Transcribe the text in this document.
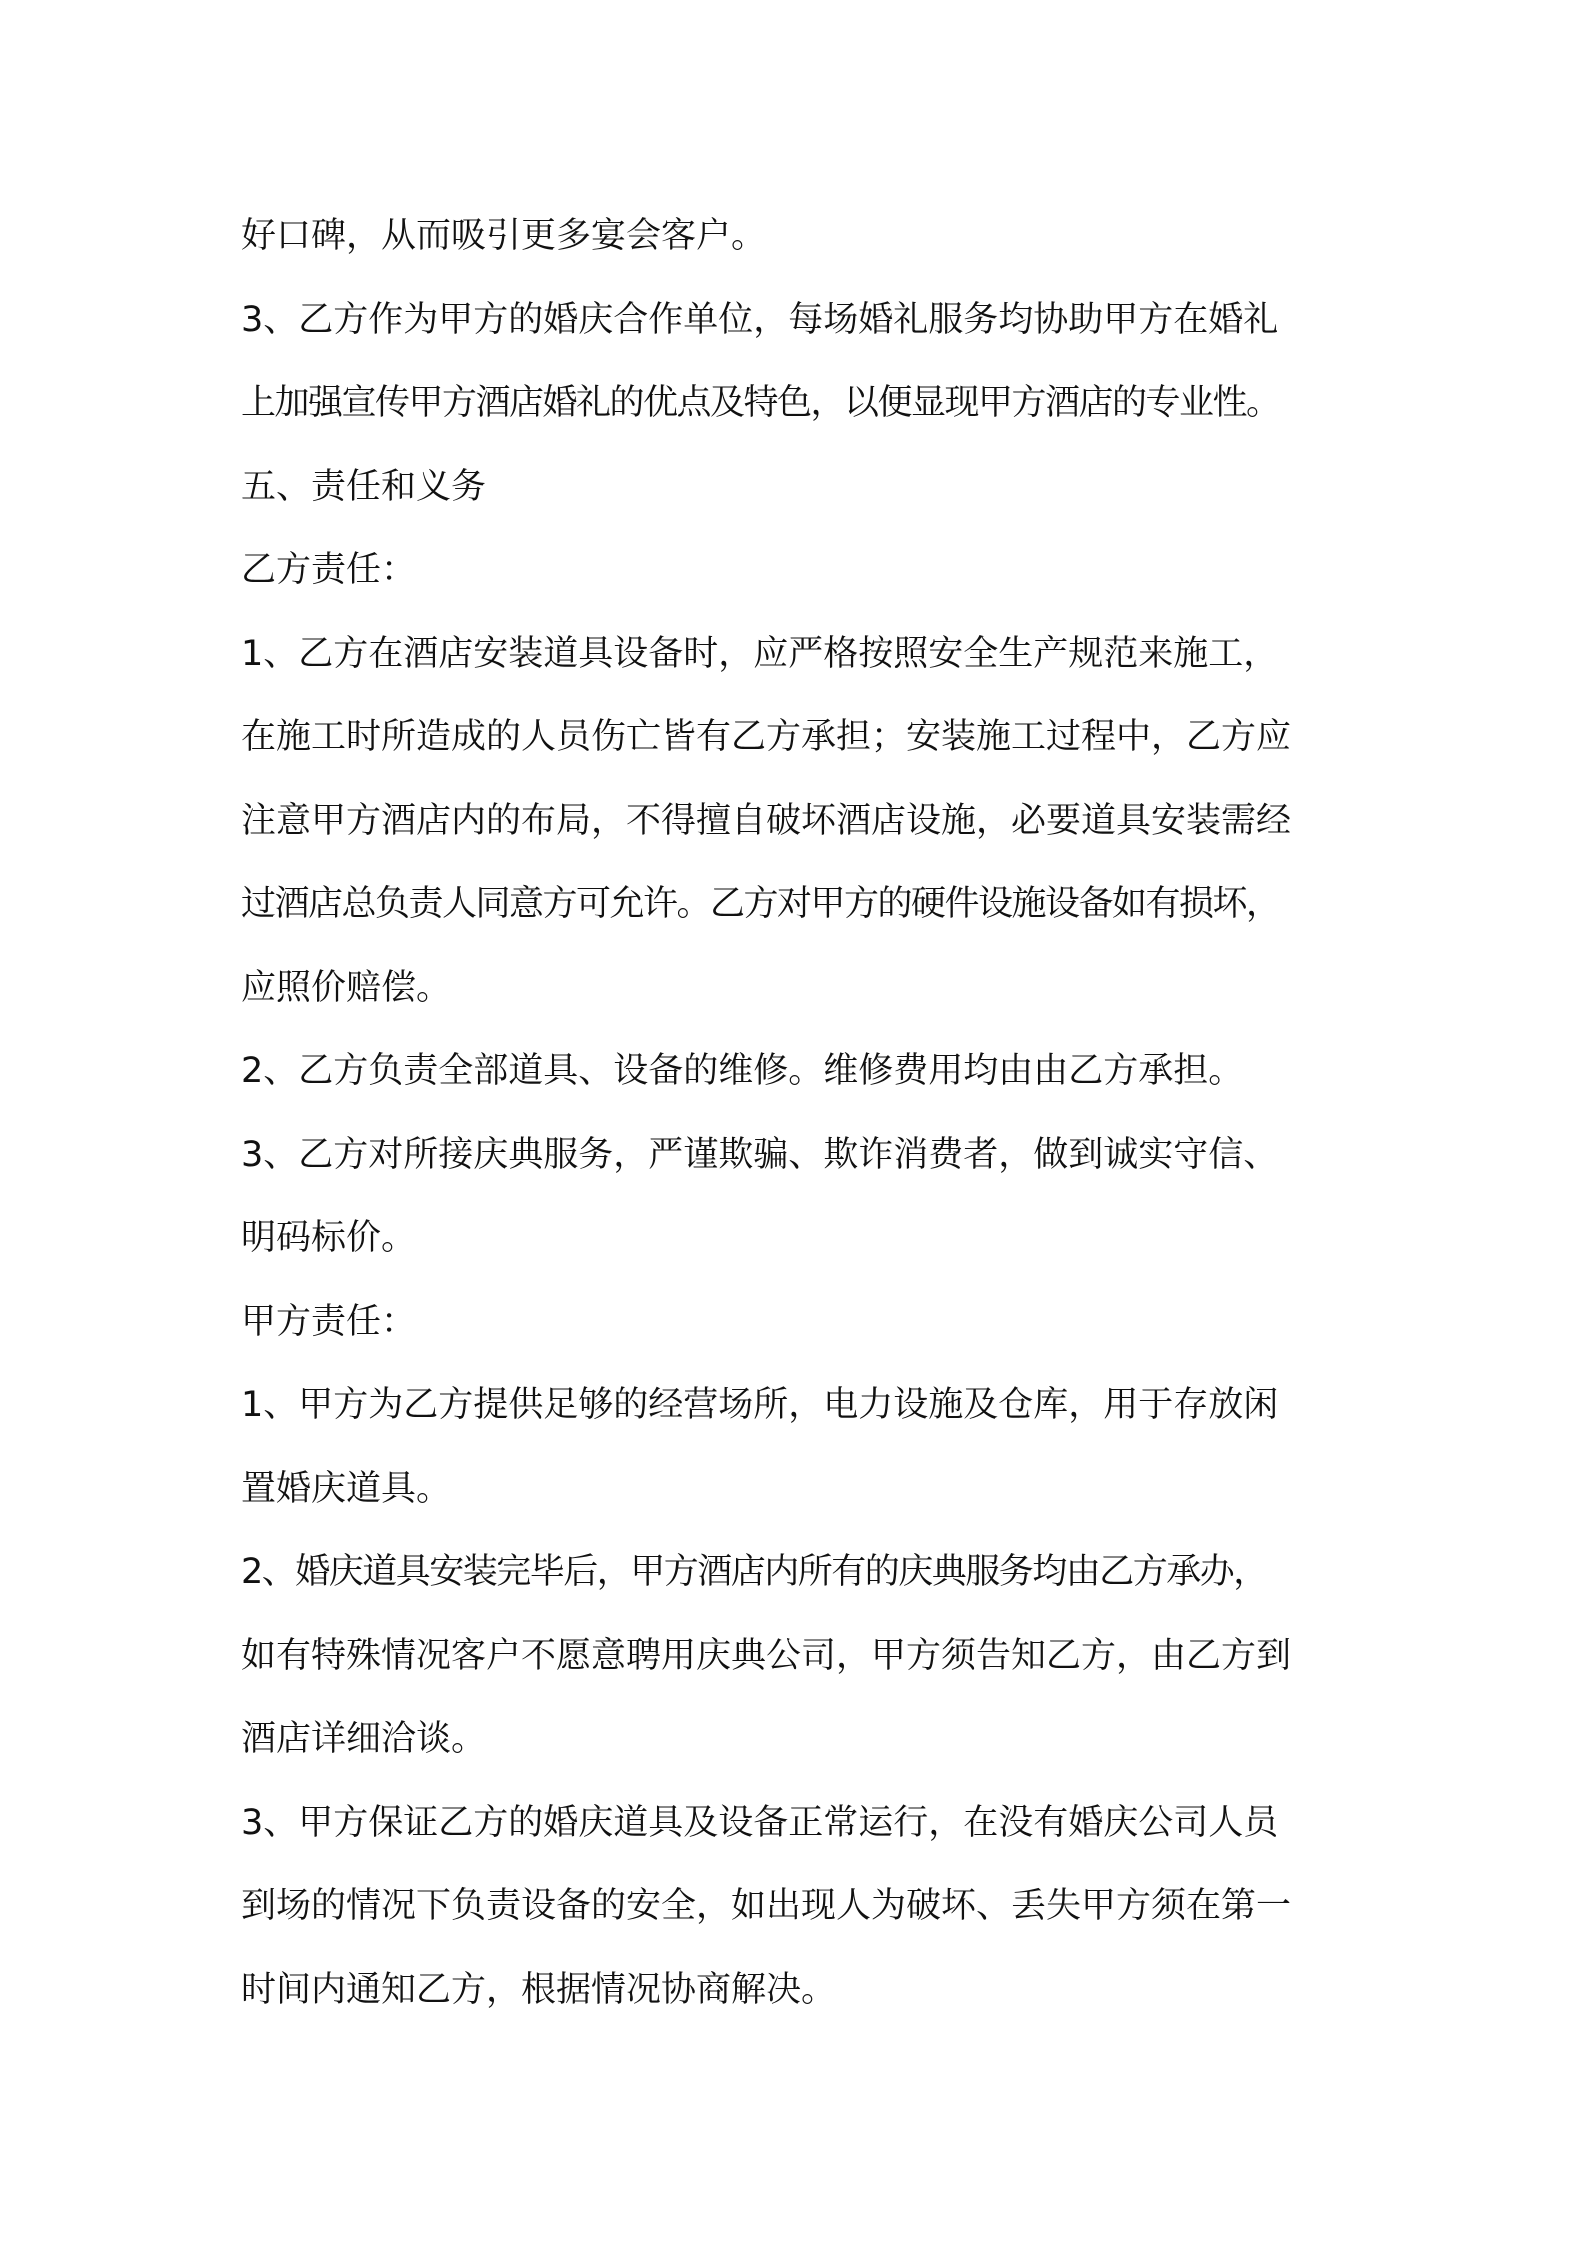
好口碑，从而吸引更多宴会客户。
3、乙方作为甲方的婚庆合作单位，每场婚礼服务均协助甲方在婚礼
上加强宣传甲方酒店婚礼的优点及特色，以便显现甲方酒店的专业性。
五、责任和义务
乙方责任：
1、乙方在酒店安装道具设备时，应严格按照安全生产规范来施工，
在施工时所造成的人员伤亡皆有乙方承担；安装施工过程中，乙方应
注意甲方酒店内的布局，不得擅自破坏酒店设施，必要道具安装需经
过酒店总负责人同意方可允许。乙方对甲方的硬件设施设备如有损坏，
应照价赔偿。
2、乙方负责全部道具、设备的维修。维修费用均由由乙方承担。
3、乙方对所接庆典服务，严谨欺骗、欺诈消费者，做到诚实守信、
明码标价。
甲方责任：
1、甲方为乙方提供足够的经营场所，电力设施及仓库，用于存放闲
置婚庆道具。
2、婚庆道具安装完毕后，甲方酒店内所有的庆典服务均由乙方承办，
如有特殊情况客户不愿意聘用庆典公司，甲方须告知乙方，由乙方到
酒店详细洽谈。
3、甲方保证乙方的婚庆道具及设备正常运行，在没有婚庆公司人员
到场的情况下负责设备的安全，如出现人为破坏、丢失甲方须在第一
时间内通知乙方，根据情况协商解决。
